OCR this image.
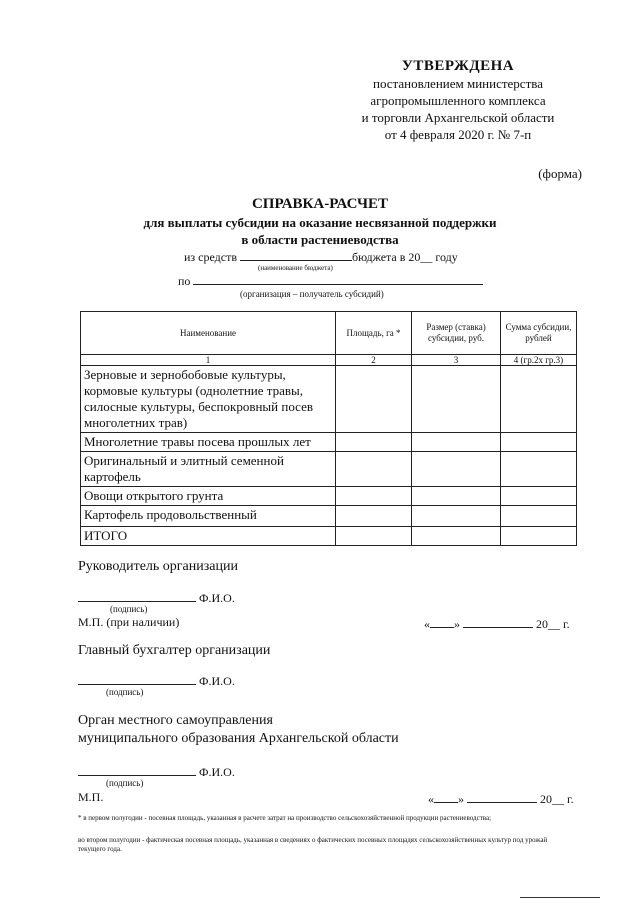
УТВЕРЖДЕНА
постановлением министерства
агропромышленного комплекса
и торговли Архангельской области
от 4 февраля 2020 г. № 7-п
(форма)
СПРАВКА-РАСЧЕТ
для выплаты субсидии на оказание несвязанной поддержки
в области растениеводства
из средств	бюджета в 20__ году
(наименование бюджета)
по
(организация – получатель субсидий)
Наименование	Площадь, га *	Размер (ставка) субсидии, руб.	Сумма субсидии, рублей
1	2	3	4 (гр.2х гр.3)
Зерновые и зернобобовые культуры, кормовые культуры (однолетние травы, силосные культуры, беспокровный посев многолетних трав)			
Многолетние травы посева прошлых лет			
Оригинальный и элитный семенной картофель			
Овощи открытого грунта			
Картофель продовольственный			
ИТОГО			
Руководитель организации
Ф.И.О.
(подпись)
М.П. (при наличии)	« »	20__ г.
Главный бухгалтер организации
Ф.И.О.
(подпись)
Орган местного самоуправления
муниципального образования Архангельской области
Ф.И.О.
(подпись)
М.П.	« »	20__ г.
* в первом полугодии - посевная площадь, указанная в расчете затрат на производство сельскохозяйственной продукции растениеводства;
во втором полугодии - фактическая посевная площадь, указанная в сведениях о фактических посевных площадях сельскохозяйственных культур под урожай текущего года.
